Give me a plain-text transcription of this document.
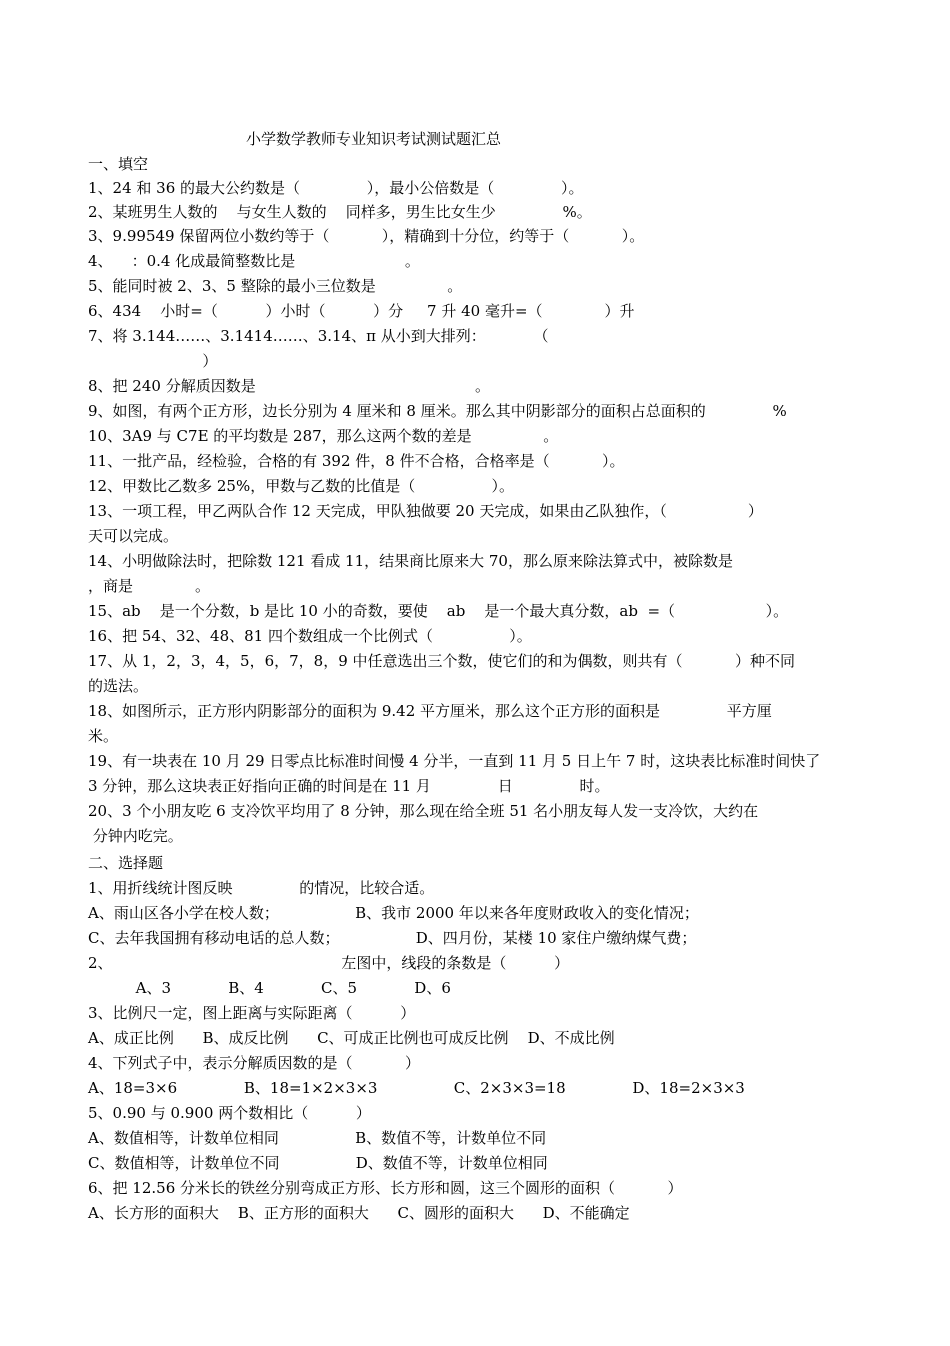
小学数学教师专业知识考试测试题汇总
一、填空
1、24 和 36 的最大公约数是（              ），最小公倍数是（              ）。
2、某班男生人数的    与女生人数的    同样多，男生比女生少              %。
3、9.99549 保留两位小数约等于（           ），精确到十分位，约等于（           ）。
4、    ：0.4 化成最简整数比是                       。
5、能同时被 2、3、5 整除的最小三位数是               。
6、434    小时=（          ）小时（          ）分     7 升 40 毫升=（             ）升
7、将 3.144……、3.1414……、3.14、π 从小到大排列：          （
）
8、把 240 分解质因数是                                              。
9、如图，有两个正方形，边长分别为 4 厘米和 8 厘米。那么其中阴影部分的面积占总面积的              %
10、3A9 与 C7E 的平均数是 287，那么这两个数的差是               。
11、一批产品，经检验，合格的有 392 件，8 件不合格，合格率是（           ）。
12、甲数比乙数多 25%，甲数与乙数的比值是（                ）。
13、一项工程，甲乙两队合作 12 天完成，甲队独做要 20 天完成，如果由乙队独作，（                 ）
天可以完成。
14、小明做除法时，把除数 121 看成 11，结果商比原来大 70，那么原来除法算式中，被除数是
，商是             。
15、ab    是一个分数，b 是比 10 小的奇数，要使    ab    是一个最大真分数，ab  =（                   ）。
16、把 54、32、48、81 四个数组成一个比例式（                ）。
17、从 1，2，3，4，5，6，7，8，9 中任意选出三个数，使它们的和为偶数，则共有（           ）种不同
的选法。
18、如图所示，正方形内阴影部分的面积为 9.42 平方厘米，那么这个正方形的面积是              平方厘
米。
19、有一块表在 10 月 29 日零点比标准时间慢 4 分半，一直到 11 月 5 日上午 7 时，这块表比标准时间快了
3 分钟，那么这块表正好指向正确的时间是在 11 月              日              时。
20、3 个小朋友吃 6 支冷饮平均用了 8 分钟，那么现在给全班 51 名小朋友每人发一支冷饮，大约在
分钟内吃完。
二、选择题
1、用折线统计图反映              的情况，比较合适。
A、雨山区各小学在校人数；                B、我市 2000 年以来各年度财政收入的变化情况；
C、去年我国拥有移动电话的总人数；                D、四月份，某楼 10 家住户缴纳煤气费；
2、                                                左图中，线段的条数是（          ）
A、3            B、4            C、5            D、6
3、比例尺一定，图上距离与实际距离（          ）
A、成正比例      B、成反比例      C、可成正比例也可成反比例    D、不成比例
4、下列式子中，表示分解质因数的是（           ）
A、18=3×6              B、18=1×2×3×3                C、2×3×3=18              D、18=2×3×3
5、0.90 与 0.900 两个数相比（          ）
A、数值相等，计数单位相同                B、数值不等，计数单位不同
C、数值相等，计数单位不同                D、数值不等，计数单位相同
6、把 12.56 分米长的铁丝分别弯成正方形、长方形和圆，这三个圆形的面积（           ）
A、长方形的面积大    B、正方形的面积大      C、圆形的面积大      D、不能确定
